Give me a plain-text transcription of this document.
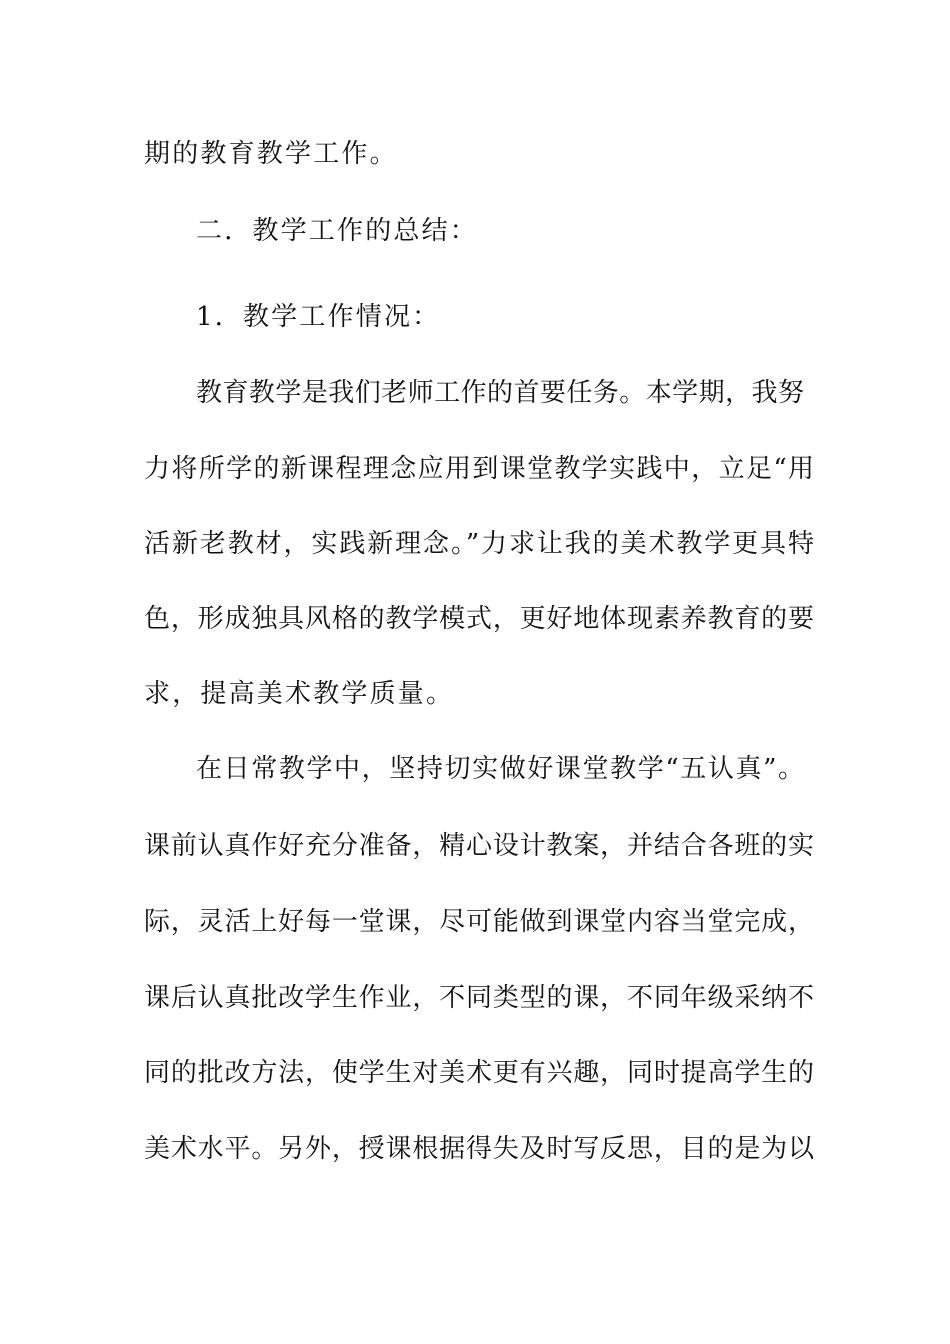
期的教育教学工作。
二．教学工作的总结：
1．教学工作情况：
教育教学是我们老师工作的首要任务。本学期，我努
力将所学的新课程理念应用到课堂教学实践中，立足“用
活新老教材，实践新理念。”力求让我的美术教学更具特
色，形成独具风格的教学模式，更好地体现素养教育的要
求，提高美术教学质量。
在日常教学中，坚持切实做好课堂教学“五认真”。
课前认真作好充分准备，精心设计教案，并结合各班的实
际，灵活上好每一堂课，尽可能做到课堂内容当堂完成，
课后认真批改学生作业，不同类型的课，不同年级采纳不
同的批改方法，使学生对美术更有兴趣，同时提高学生的
美术水平。另外，授课根据得失及时写反思，目的是为以
